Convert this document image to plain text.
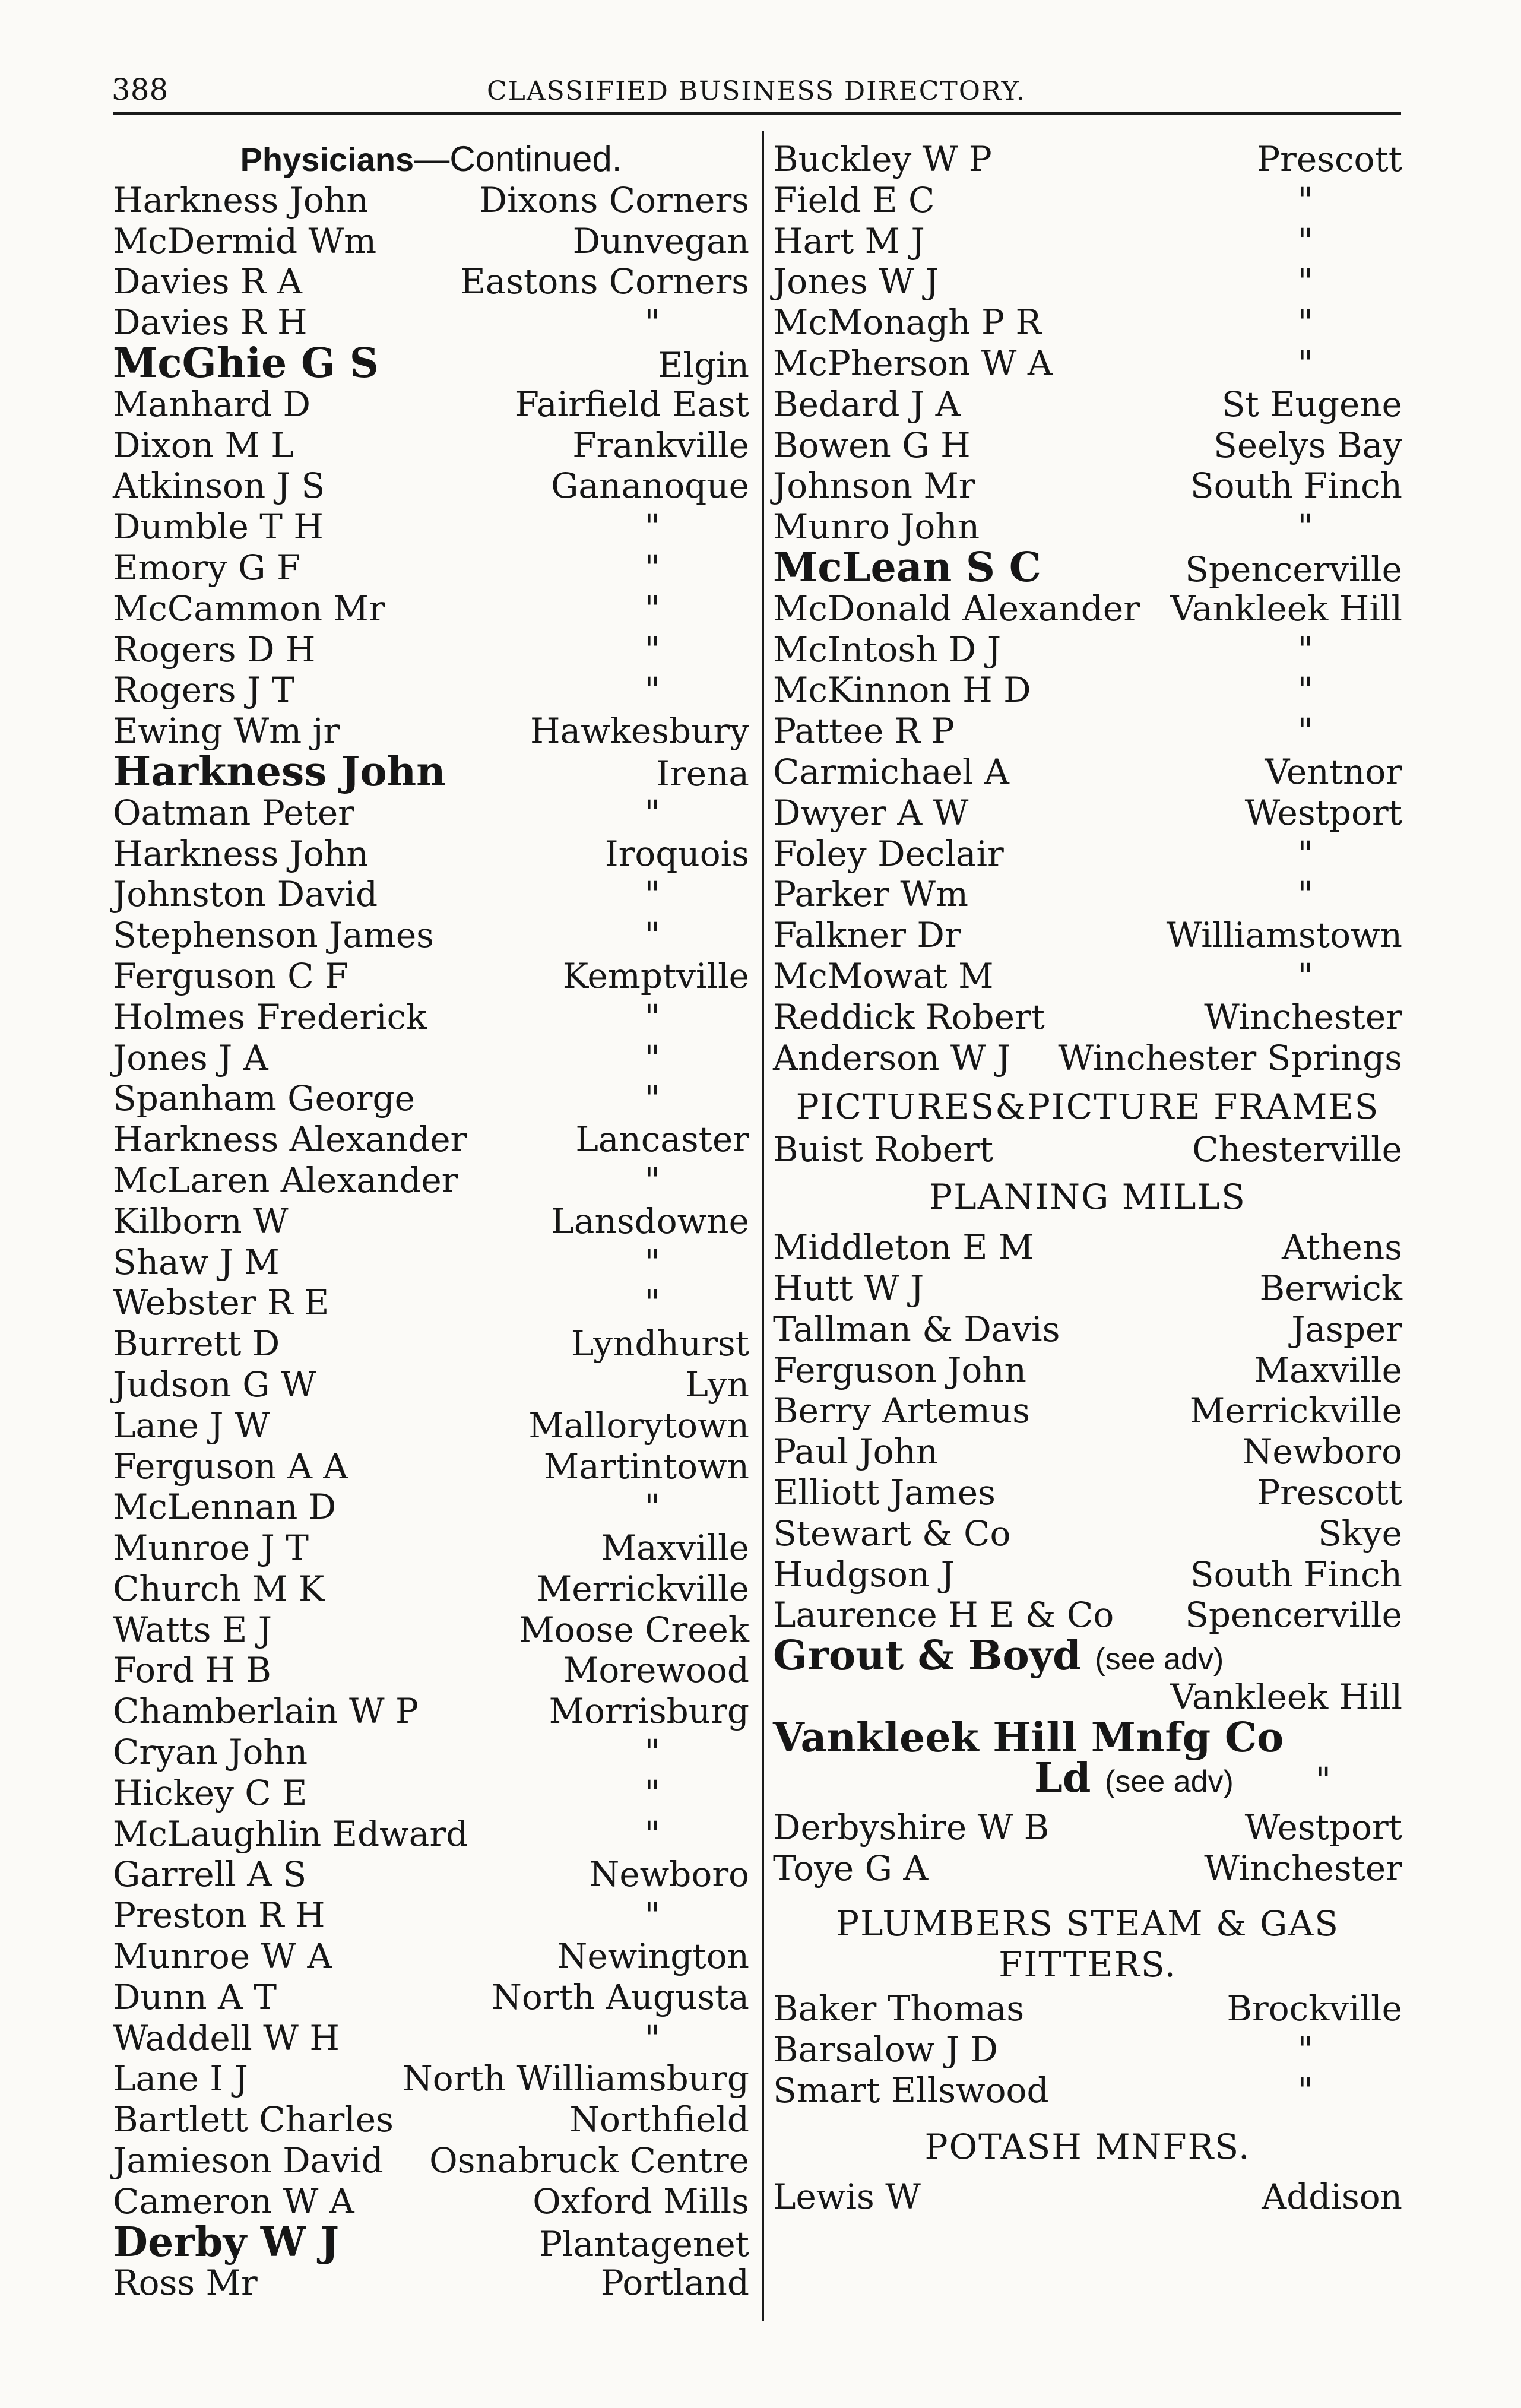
388	CLASSIFIED BUSINESS DIRECTORY.
Physicians—Continued.
Harkness John	Dixons Corners
McDermid Wm	Dunvegan
Davies R A	Eastons Corners
Davies R H	"
McGhie G S	Elgin
Manhard D	Fairfield East
Dixon M L	Frankville
Atkinson J S	Gananoque
Dumble T H	"
Emory G F	"
McCammon Mr	"
Rogers D H	"
Rogers J T	"
Ewing Wm jr	Hawkesbury
Harkness John	Irena
Oatman Peter	"
Harkness John	Iroquois
Johnston David	"
Stephenson James	"
Ferguson C F	Kemptville
Holmes Frederick	"
Jones J A	"
Spanham George	"
Harkness Alexander	Lancaster
McLaren Alexander	"
Kilborn W	Lansdowne
Shaw J M	"
Webster R E	"
Burrett D	Lyndhurst
Judson G W	Lyn
Lane J W	Mallorytown
Ferguson A A	Martintown
McLennan D	"
Munroe J T	Maxville
Church M K	Merrickville
Watts E J	Moose Creek
Ford H B	Morewood
Chamberlain W P	Morrisburg
Cryan John	"
Hickey C E	"
McLaughlin Edward	"
Garrell A S	Newboro
Preston R H	"
Munroe W A	Newington
Dunn A T	North Augusta
Waddell W H	"
Lane I J	North Williamsburg
Bartlett Charles	Northfield
Jamieson David Osnabruck Centre
Cameron W A	Oxford Mills
Derby W J	Plantagenet
Ross Mr	Portland
Buckley W P	Prescott
Field E C	"
Hart M J	"
Jones W J	"
McMonagh P R	"
McPherson W A	"
Bedard J A	St Eugene
Bowen G H	Seelys Bay
Johnson Mr	South Finch
Munro John	"
McLean S C	Spencerville
McDonald Alexander Vankleek Hill
McIntosh D J	"
McKinnon H D	"
Pattee R P	"
Carmichael A	Ventnor
Dwyer A W	Westport
Foley Declair	"
Parker Wm	"
Falkner Dr	Williamstown
McMowat M	"
Reddick Robert	Winchester
Anderson W J Winchester Springs
PICTURES&PICTURE FRAMES
Buist Robert	Chesterville
PLANING MILLS
Middleton E M	Athens
Hutt W J	Berwick
Tallman & Davis	Jasper
Ferguson John	Maxville
Berry Artemus	Merrickville
Paul John	Newboro
Elliott James	Prescott
Stewart & Co	Skye
Hudgson J	South Finch
Laurence H E & Co Spencerville
Grout & Boyd (see adv)
Vankleek Hill
Vankleek Hill Mnfg Co
Ld (see adv) "
Derbyshire W B	Westport
Toye G A	Winchester
PLUMBERS STEAM & GAS
FITTERS.
Baker Thomas	Brockville
Barsalow J D	"
Smart Ellswood	"
POTASH MNFRS.
Lewis W	Addison
